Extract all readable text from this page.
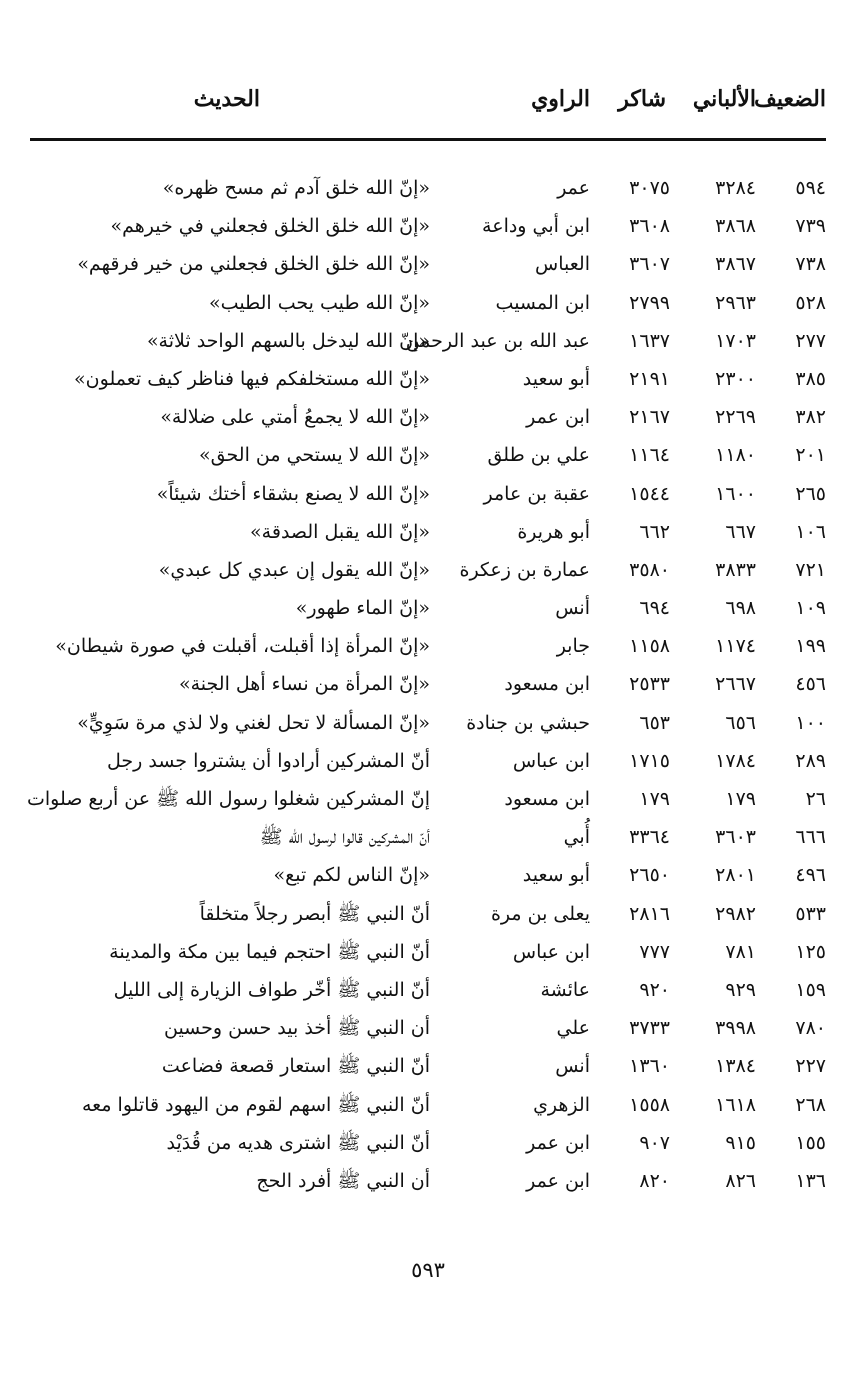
الضعيف
الألباني
شاكر
الراوي
الحديث
٥٩٤
٣٢٨٤
٣٠٧٥
عمر
«إنّ الله خلق آدم ثم مسح ظهره»
٧٣٩
٣٨٦٨
٣٦٠٨
ابن أبي وداعة
«إنّ الله خلق الخلق فجعلني في خيرهم»
٧٣٨
٣٨٦٧
٣٦٠٧
العباس
«إنّ الله خلق الخلق فجعلني من خير فرقهم»
٥٢٨
٢٩٦٣
٢٧٩٩
ابن المسيب
«إنّ الله طيب يحب الطيب»
٢٧٧
١٧٠٣
١٦٣٧
عبد الله بن عبد الرحمن
«إنّ الله ليدخل بالسهم الواحد ثلاثة»
٣٨٥
٢٣٠٠
٢١٩١
أبو سعيد
«إنّ الله مستخلفكم فيها فناظر كيف تعملون»
٣٨٢
٢٢٦٩
٢١٦٧
ابن عمر
«إنّ الله لا يجمعُ أمتي على ضلالة»
٢٠١
١١٨٠
١١٦٤
علي بن طلق
«إنّ الله لا يستحي من الحق»
٢٦٥
١٦٠٠
١٥٤٤
عقبة بن عامر
«إنّ الله لا يصنع بشقاء أختك شيئاً»
١٠٦
٦٦٧
٦٦٢
أبو هريرة
«إنّ الله يقبل الصدقة»
٧٢١
٣٨٣٣
٣٥٨٠
عمارة بن زعكرة
«إنّ الله يقول إن عبدي كل عبدي»
١٠٩
٦٩٨
٦٩٤
أنس
«إنّ الماء طهور»
١٩٩
١١٧٤
١١٥٨
جابر
«إنّ المرأة إذا أقبلت، أقبلت في صورة شيطان»
٤٥٦
٢٦٦٧
٢٥٣٣
ابن مسعود
«إنّ المرأة من نساء أهل الجنة»
١٠٠
٦٥٦
٦٥٣
حبشي بن جنادة
«إنّ المسألة لا تحل لغني ولا لذي مرة سَوِيٍّ»
٢٨٩
١٧٨٤
١٧١٥
ابن عباس
أنّ المشركين أرادوا أن يشتروا جسد رجل
٢٦
١٧٩
١٧٩
ابن مسعود
إنّ المشركين شغلوا رسول الله ﷺ عن أربع صلوات
٦٦٦
٣٦٠٣
٣٣٦٤
أُبي
أنّ المشركين قالوا لرسول الله ﷺ
٤٩٦
٢٨٠١
٢٦٥٠
أبو سعيد
«إنّ الناس لكم تبع»
٥٣٣
٢٩٨٢
٢٨١٦
يعلى بن مرة
أنّ النبي ﷺ أبصر رجلاً متخلقاً
١٢٥
٧٨١
٧٧٧
ابن عباس
أنّ النبي ﷺ احتجم فيما بين مكة والمدينة
١٥٩
٩٢٩
٩٢٠
عائشة
أنّ النبي ﷺ أخّر طواف الزيارة إلى الليل
٧٨٠
٣٩٩٨
٣٧٣٣
علي
أن النبي ﷺ أخذ بيد حسن وحسين
٢٢٧
١٣٨٤
١٣٦٠
أنس
أنّ النبي ﷺ استعار قصعة فضاعت
٢٦٨
١٦١٨
١٥٥٨
الزهري
أنّ النبي ﷺ اسهم لقوم من اليهود قاتلوا معه
١٥٥
٩١٥
٩٠٧
ابن عمر
أنّ النبي ﷺ اشترى هديه من قُدَيْد
١٣٦
٨٢٦
٨٢٠
ابن عمر
أن النبي ﷺ أفرد الحج
٥٩٣
